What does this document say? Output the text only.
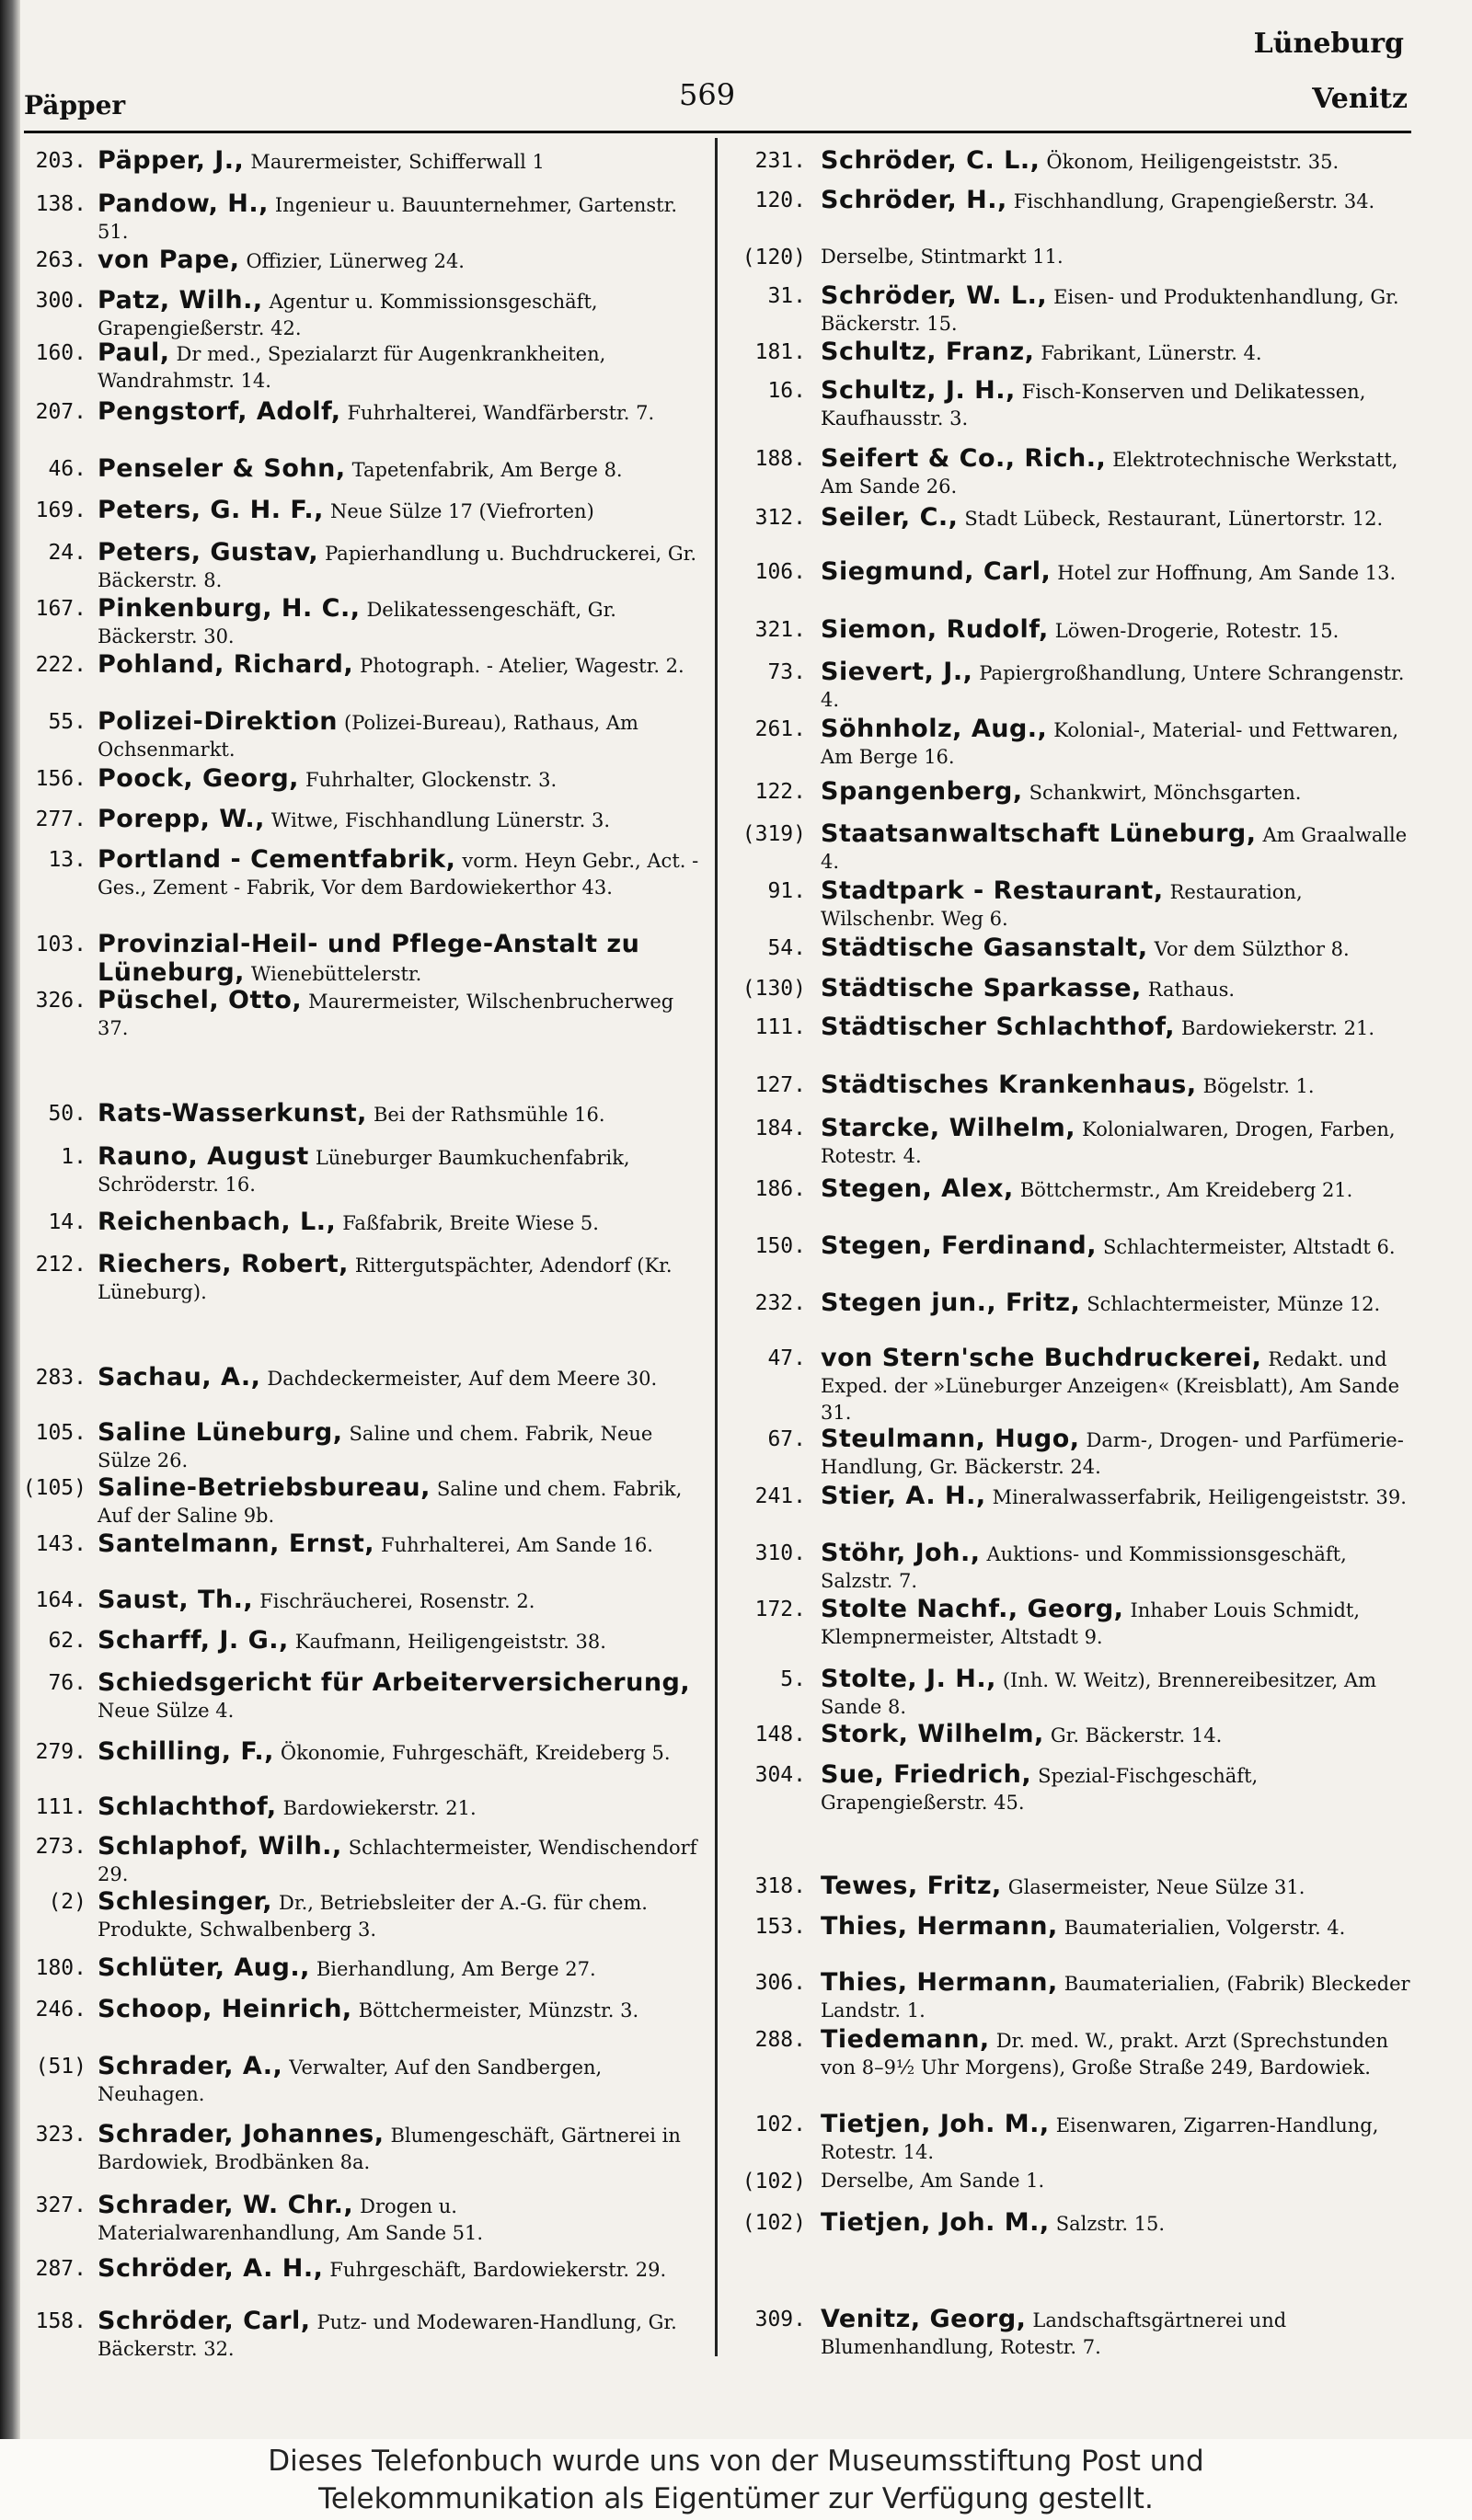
Päpper	569
Lüneburg
Venitz
203. Päpper, J., Maurermeister, Schifferwall 1
138. Pandow, H., Ingenieur u. Bauunternehmer, Gartenstr. 51.
263. von Pape, Offizier, Lünerweg 24.
300. Patz, Wilh., Agentur u. Kommissionsgeschäft, Grapengießerstr. 42.
160. Paul, Dr med., Spezialarzt für Augenkrankheiten, Wandrahmstr. 14.
207. Pengstorf, Adolf, Fuhrhalterei, Wandfärberstr. 7.
46. Penseler & Sohn, Tapetenfabrik, Am Berge 8.
169. Peters, G. H. F., Neue Sülze 17 (Viefrorten)
24. Peters, Gustav, Papierhandlung u. Buchdruckerei, Gr. Bäckerstr. 8.
167. Pinkenburg, H. C., Delikatessengeschäft, Gr. Bäckerstr. 30.
222. Pohland, Richard, Photograph. - Atelier, Wagestr. 2.
55. Polizei-Direktion (Polizei-Bureau), Rathaus, Am Ochsenmarkt.
156. Poock, Georg, Fuhrhalter, Glockenstr. 3.
277. Porepp, W., Witwe, Fischhandlung Lünerstr. 3.
13. Portland - Cementfabrik, vorm. Heyn Gebr., Act. - Ges., Zement - Fabrik, Vor dem Bardowiekerthor 43.
103. Provinzial-Heil- und Pflege-Anstalt zu Lüneburg, Wienebüttelerstr.
326. Püschel, Otto, Maurermeister, Wilschenbrucherweg 37.
50. Rats-Wasserkunst, Bei der Rathsmühle 16.
1. Rauno, August Lüneburger Baumkuchenfabrik, Schröderstr. 16.
14. Reichenbach, L., Faßfabrik, Breite Wiese 5.
212. Riechers, Robert, Rittergutspächter, Adendorf (Kr. Lüneburg).
283. Sachau, A., Dachdeckermeister, Auf dem Meere 30.
105. Saline Lüneburg, Saline und chem. Fabrik, Neue Sülze 26.
(105) Saline-Betriebsbureau, Saline und chem. Fabrik, Auf der Saline 9b.
143. Santelmann, Ernst, Fuhrhalterei, Am Sande 16.
164. Saust, Th., Fischräucherei, Rosenstr. 2.
62. Scharff, J. G., Kaufmann, Heiligengeiststr. 38.
76. Schiedsgericht für Arbeiterversicherung, Neue Sülze 4.
279. Schilling, F., Ökonomie, Fuhrgeschäft, Kreideberg 5.
111. Schlachthof, Bardowiekerstr. 21.
273. Schlaphof, Wilh., Schlachtermeister, Wendischendorf 29.
(2) Schlesinger, Dr., Betriebsleiter der A.-G. für chem. Produkte, Schwalbenberg 3.
180. Schlüter, Aug., Bierhandlung, Am Berge 27.
246. Schoop, Heinrich, Böttchermeister, Münzstr. 3.
(51) Schrader, A., Verwalter, Auf den Sandbergen, Neuhagen.
323. Schrader, Johannes, Blumengeschäft, Gärtnerei in Bardowiek, Brodbänken 8a.
327. Schrader, W. Chr., Drogen u. Materialwarenhandlung, Am Sande 51.
287. Schröder, A. H., Fuhrgeschäft, Bardowiekerstr. 29.
158. Schröder, Carl, Putz- und Modewaren-Handlung, Gr. Bäckerstr. 32.
231. Schröder, C. L., Ökonom, Heiligengeiststr. 35.
120. Schröder, H., Fischhandlung, Grapengießerstr. 34.
(120) Derselbe, Stintmarkt 11.
31. Schröder, W. L., Eisen- und Produktenhandlung, Gr. Bäckerstr. 15.
181. Schultz, Franz, Fabrikant, Lünerstr. 4.
16. Schultz, J. H., Fisch-Konserven und Delikatessen, Kaufhausstr. 3.
188. Seifert & Co., Rich., Elektrotechnische Werkstatt, Am Sande 26.
312. Seiler, C., Stadt Lübeck, Restaurant, Lünertorstr. 12.
106. Siegmund, Carl, Hotel zur Hoffnung, Am Sande 13.
321. Siemon, Rudolf, Löwen-Drogerie, Rotestr. 15.
73. Sievert, J., Papiergroßhandlung, Untere Schrangenstr. 4.
261. Söhnholz, Aug., Kolonial-, Material- und Fettwaren, Am Berge 16.
122. Spangenberg, Schankwirt, Mönchsgarten.
(319) Staatsanwaltschaft Lüneburg, Am Graalwalle 4.
91. Stadtpark - Restaurant, Restauration, Wilschenbr. Weg 6.
54. Städtische Gasanstalt, Vor dem Sülzthor 8.
(130) Städtische Sparkasse, Rathaus.
111. Städtischer Schlachthof, Bardowiekerstr. 21.
127. Städtisches Krankenhaus, Bögelstr. 1.
184. Starcke, Wilhelm, Kolonialwaren, Drogen, Farben, Rotestr. 4.
186. Stegen, Alex, Böttchermstr., Am Kreideberg 21.
150. Stegen, Ferdinand, Schlachtermeister, Altstadt 6.
232. Stegen jun., Fritz, Schlachtermeister, Münze 12.
47. von Stern'sche Buchdruckerei, Redakt. und Exped. der »Lüneburger Anzeigen« (Kreisblatt), Am Sande 31.
67. Steulmann, Hugo, Darm-, Drogen- und Parfümerie-Handlung, Gr. Bäckerstr. 24.
241. Stier, A. H., Mineralwasserfabrik, Heiligengeiststr. 39.
310. Stöhr, Joh., Auktions- und Kommissionsgeschäft, Salzstr. 7.
172. Stolte Nachf., Georg, Inhaber Louis Schmidt, Klempnermeister, Altstadt 9.
5. Stolte, J. H., (Inh. W. Weitz), Brennereibesitzer, Am Sande 8.
148. Stork, Wilhelm, Gr. Bäckerstr. 14.
304. Sue, Friedrich, Spezial-Fischgeschäft, Grapengießerstr. 45.
318. Tewes, Fritz, Glasermeister, Neue Sülze 31.
153. Thies, Hermann, Baumaterialien, Volgerstr. 4.
306. Thies, Hermann, Baumaterialien, (Fabrik) Bleckeder Landstr. 1.
288. Tiedemann, Dr. med. W., prakt. Arzt (Sprechstunden von 8–9½ Uhr Morgens), Große Straße 249, Bardowiek.
102. Tietjen, Joh. M., Eisenwaren, Zigarren-Handlung, Rotestr. 14.
(102) Derselbe, Am Sande 1.
(102) Tietjen, Joh. M., Salzstr. 15.
309. Venitz, Georg, Landschaftsgärtnerei und Blumenhandlung, Rotestr. 7.
Dieses Telefonbuch wurde uns von der Museumsstiftung Post und
Telekommunikation als Eigentümer zur Verfügung gestellt.
